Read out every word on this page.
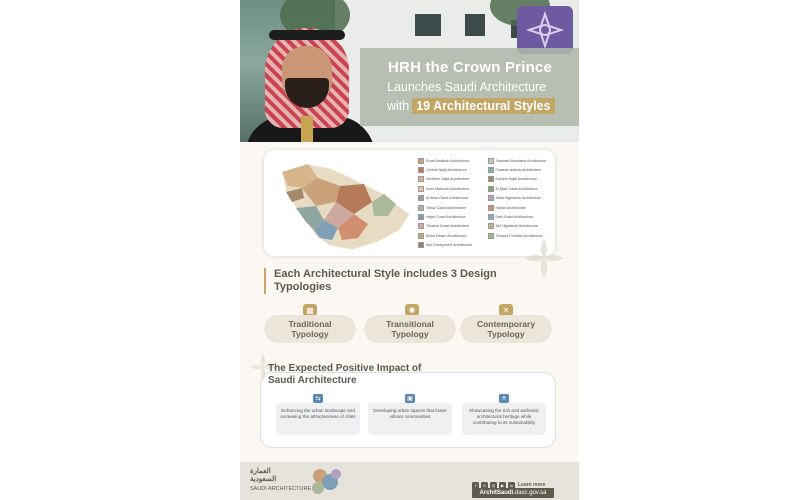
HRH the Crown Prince
Launches Saudi Architecture
with 19 Architectural Styles
Rural Madinah Architecture
Central Najdi Architecture
Northern Najdi Architecture
Inner Madinah Architecture
Al Ahsa Oasis Architecture
Tabuk Coast Architecture
Hejaz Coast Architecture
Tehama Coast Architecture
Bisha Desert Architecture
Asir Escarpment Architecture
Sarawat Mountains Architecture
Farasan Islands Architecture
Eastern Najdi Architecture
Al Qatif Oasis Architecture
Abha Highlands Architecture
Najran Architecture
East Coast Architecture
Taif Highlands Architecture
Tehama Foothills Architecture
Each Architectural Style includes 3 Design Typologies
▦
Traditional
Typology
✺
Transitional
Typology
✕
Contemporary
Typology
The Expected Positive Impact of
Saudi Architecture
⇆
Enhancing the urban landscape and increasing the attractiveness of cities
▣
Developing urban spaces that foster vibrant communities
✢
Showcasing the rich and authentic architectural heritage while contributing to its sustainability
العمارة
السعودية
SAUDI ARCHITECTURE
f	X	◎	▶	in Learn more
ArchitSaudi.dasc.gov.sa
